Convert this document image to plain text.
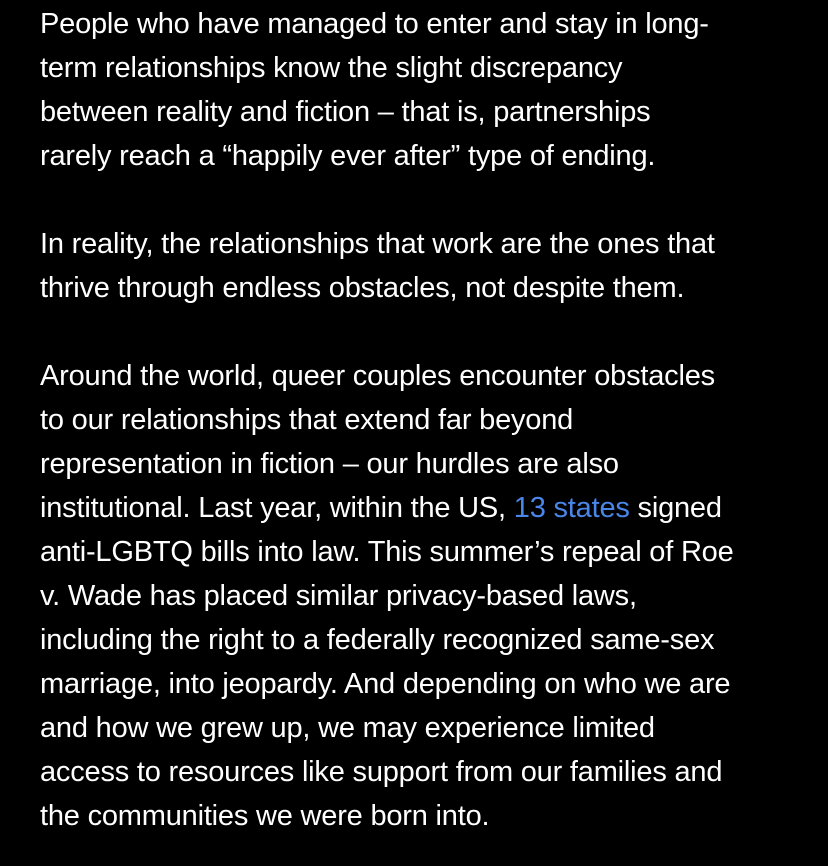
People who have managed to enter and stay in long-
term relationships know the slight discrepancy
between reality and fiction – that is, partnerships
rarely reach a “happily ever after” type of ending.

In reality, the relationships that work are the ones that
thrive through endless obstacles, not despite them.

Around the world, queer couples encounter obstacles
to our relationships that extend far beyond
representation in fiction – our hurdles are also
institutional. Last year, within the US, 13 states signed
anti-LGBTQ bills into law. This summer’s repeal of Roe
v. Wade has placed similar privacy-based laws,
including the right to a federally recognized same-sex
marriage, into jeopardy. And depending on who we are
and how we grew up, we may experience limited
access to resources like support from our families and
the communities we were born into.
